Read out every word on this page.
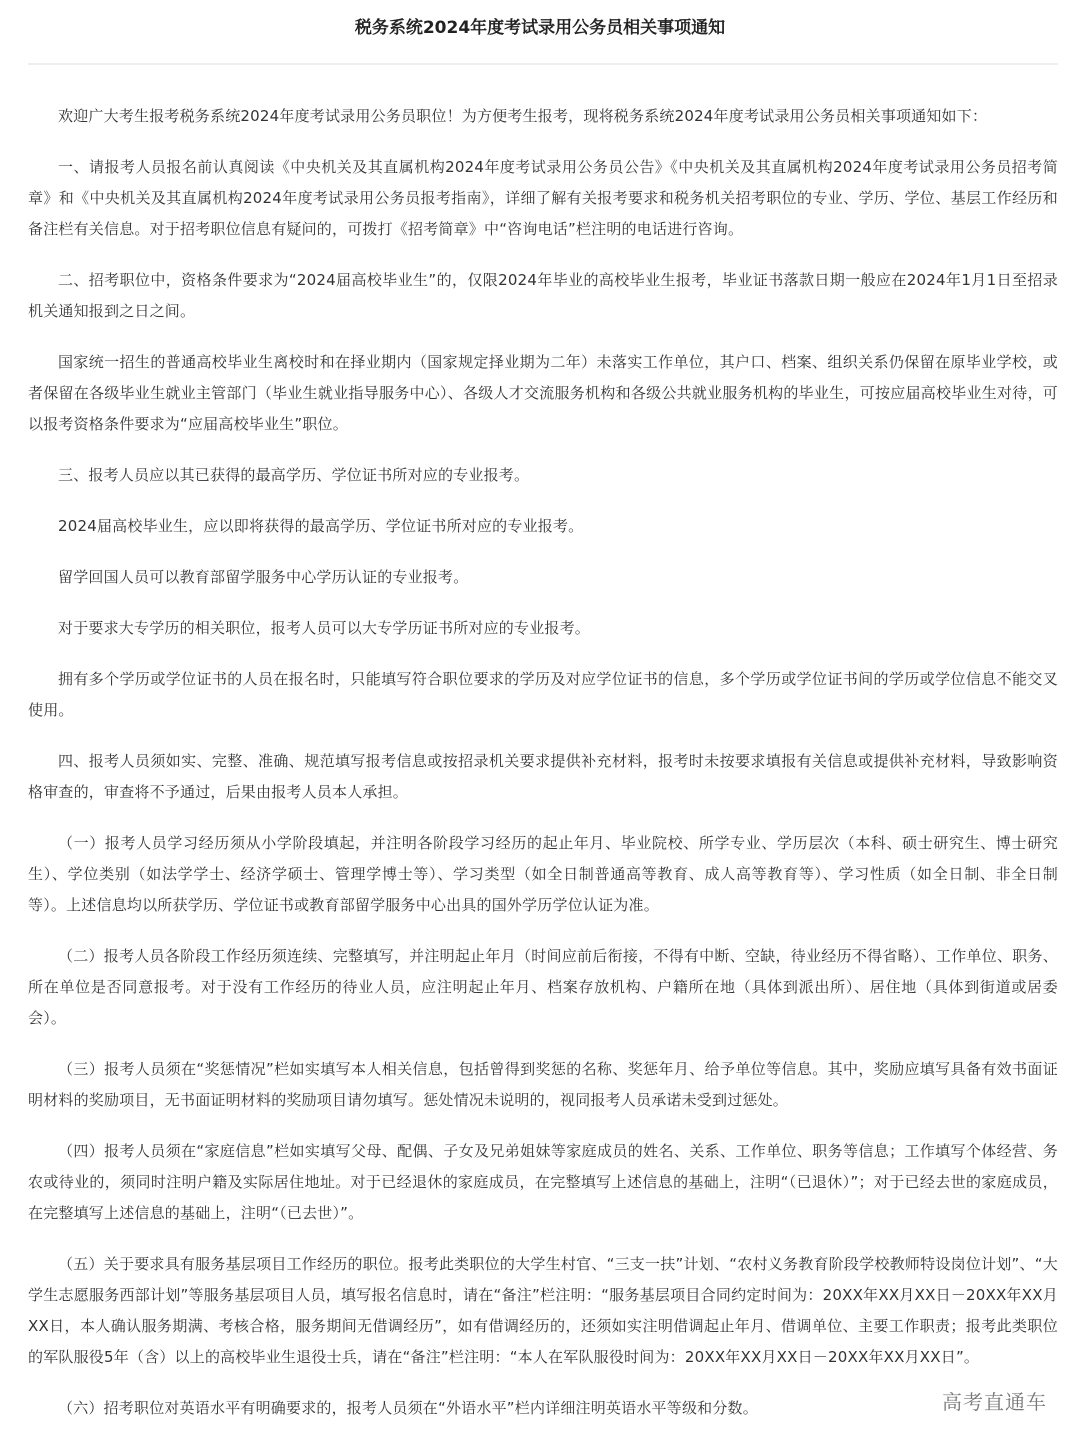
税务系统2024年度考试录用公务员相关事项通知

欢迎广大考生报考税务系统2024年度考试录用公务员职位！为方便考生报考，现将税务系统2024年度考试录用公务员相关事项通知如下：

一、请报考人员报名前认真阅读《中央机关及其直属机构2024年度考试录用公务员公告》《中央机关及其直属机构2024年度考试录用公务员招考简章》和《中央机关及其直属机构2024年度考试录用公务员报考指南》，详细了解有关报考要求和税务机关招考职位的专业、学历、学位、基层工作经历和备注栏有关信息。对于招考职位信息有疑问的，可拨打《招考简章》中“咨询电话”栏注明的电话进行咨询。

二、招考职位中，资格条件要求为“2024届高校毕业生”的，仅限2024年毕业的高校毕业生报考，毕业证书落款日期一般应在2024年1月1日至招录机关通知报到之日之间。

国家统一招生的普通高校毕业生离校时和在择业期内（国家规定择业期为二年）未落实工作单位，其户口、档案、组织关系仍保留在原毕业学校，或者保留在各级毕业生就业主管部门（毕业生就业指导服务中心）、各级人才交流服务机构和各级公共就业服务机构的毕业生，可按应届高校毕业生对待，可以报考资格条件要求为“应届高校毕业生”职位。

三、报考人员应以其已获得的最高学历、学位证书所对应的专业报考。

2024届高校毕业生，应以即将获得的最高学历、学位证书所对应的专业报考。

留学回国人员可以教育部留学服务中心学历认证的专业报考。

对于要求大专学历的相关职位，报考人员可以大专学历证书所对应的专业报考。

拥有多个学历或学位证书的人员在报名时，只能填写符合职位要求的学历及对应学位证书的信息，多个学历或学位证书间的学历或学位信息不能交叉使用。

四、报考人员须如实、完整、准确、规范填写报考信息或按招录机关要求提供补充材料，报考时未按要求填报有关信息或提供补充材料，导致影响资格审查的，审查将不予通过，后果由报考人员本人承担。

（一）报考人员学习经历须从小学阶段填起，并注明各阶段学习经历的起止年月、毕业院校、所学专业、学历层次（本科、硕士研究生、博士研究生）、学位类别（如法学学士、经济学硕士、管理学博士等）、学习类型（如全日制普通高等教育、成人高等教育等）、学习性质（如全日制、非全日制等）。上述信息均以所获学历、学位证书或教育部留学服务中心出具的国外学历学位认证为准。

（二）报考人员各阶段工作经历须连续、完整填写，并注明起止年月（时间应前后衔接，不得有中断、空缺，待业经历不得省略）、工作单位、职务、所在单位是否同意报考。对于没有工作经历的待业人员，应注明起止年月、档案存放机构、户籍所在地（具体到派出所）、居住地（具体到街道或居委会）。

（三）报考人员须在“奖惩情况”栏如实填写本人相关信息，包括曾得到奖惩的名称、奖惩年月、给予单位等信息。其中，奖励应填写具备有效书面证明材料的奖励项目，无书面证明材料的奖励项目请勿填写。惩处情况未说明的，视同报考人员承诺未受到过惩处。

（四）报考人员须在“家庭信息”栏如实填写父母、配偶、子女及兄弟姐妹等家庭成员的姓名、关系、工作单位、职务等信息；工作填写个体经营、务农或待业的，须同时注明户籍及实际居住地址。对于已经退休的家庭成员，在完整填写上述信息的基础上，注明“（已退休）”；对于已经去世的家庭成员，在完整填写上述信息的基础上，注明“（已去世）”。

（五）关于要求具有服务基层项目工作经历的职位。报考此类职位的大学生村官、“三支一扶”计划、“农村义务教育阶段学校教师特设岗位计划”、“大学生志愿服务西部计划”等服务基层项目人员，填写报名信息时，请在“备注”栏注明：“服务基层项目合同约定时间为：20XX年XX月XX日－20XX年XX月XX日，本人确认服务期满、考核合格，服务期间无借调经历”，如有借调经历的，还须如实注明借调起止年月、借调单位、主要工作职责；报考此类职位的军队服役5年（含）以上的高校毕业生退役士兵，请在“备注”栏注明：“本人在军队服役时间为：20XX年XX月XX日－20XX年XX月XX日”。

（六）招考职位对英语水平有明确要求的，报考人员须在“外语水平”栏内详细注明英语水平等级和分数。	高考直通车
